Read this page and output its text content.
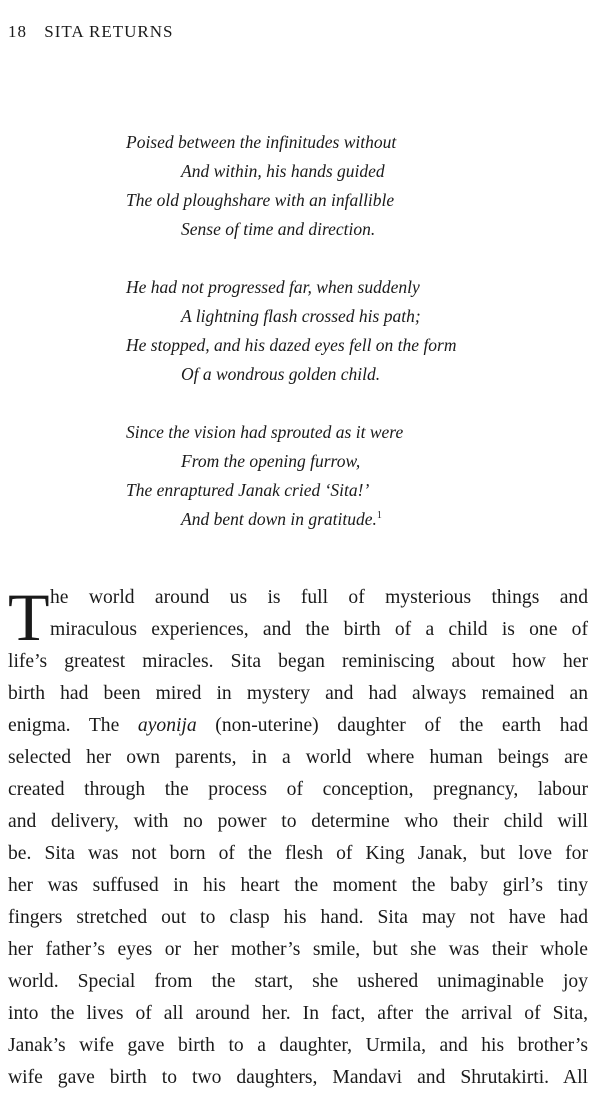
18 SITA RETURNS
Poised between the infinitudes without
And within, his hands guided
The old ploughshare with an infallible
Sense of time and direction.
He had not progressed far, when suddenly
A lightning flash crossed his path;
He stopped, and his dazed eyes fell on the form
Of a wondrous golden child.
Since the vision had sprouted as it were
From the opening furrow,
The enraptured Janak cried ‘Sita!’
And bent down in gratitude.$^1$
T he world around us is full of mysterious things and
miraculous experiences, and the birth of a child is one of
life’s greatest miracles. Sita began reminiscing about how her
birth had been mired in mystery and had always remained an
enigma. The ayonija (non-uterine) daughter of the earth had
selected her own parents, in a world where human beings are
created through the process of conception, pregnancy, labour
and delivery, with no power to determine who their child will
be. Sita was not born of the flesh of King Janak, but love for
her was suffused in his heart the moment the baby girl’s tiny
fingers stretched out to clasp his hand. Sita may not have had
her father’s eyes or her mother’s smile, but she was their whole
world. Special from the start, she ushered unimaginable joy
into the lives of all around her. In fact, after the arrival of Sita,
Janak’s wife gave birth to a daughter, Urmila, and his brother’s
wife gave birth to two daughters, Mandavi and Shrutakirti. All
